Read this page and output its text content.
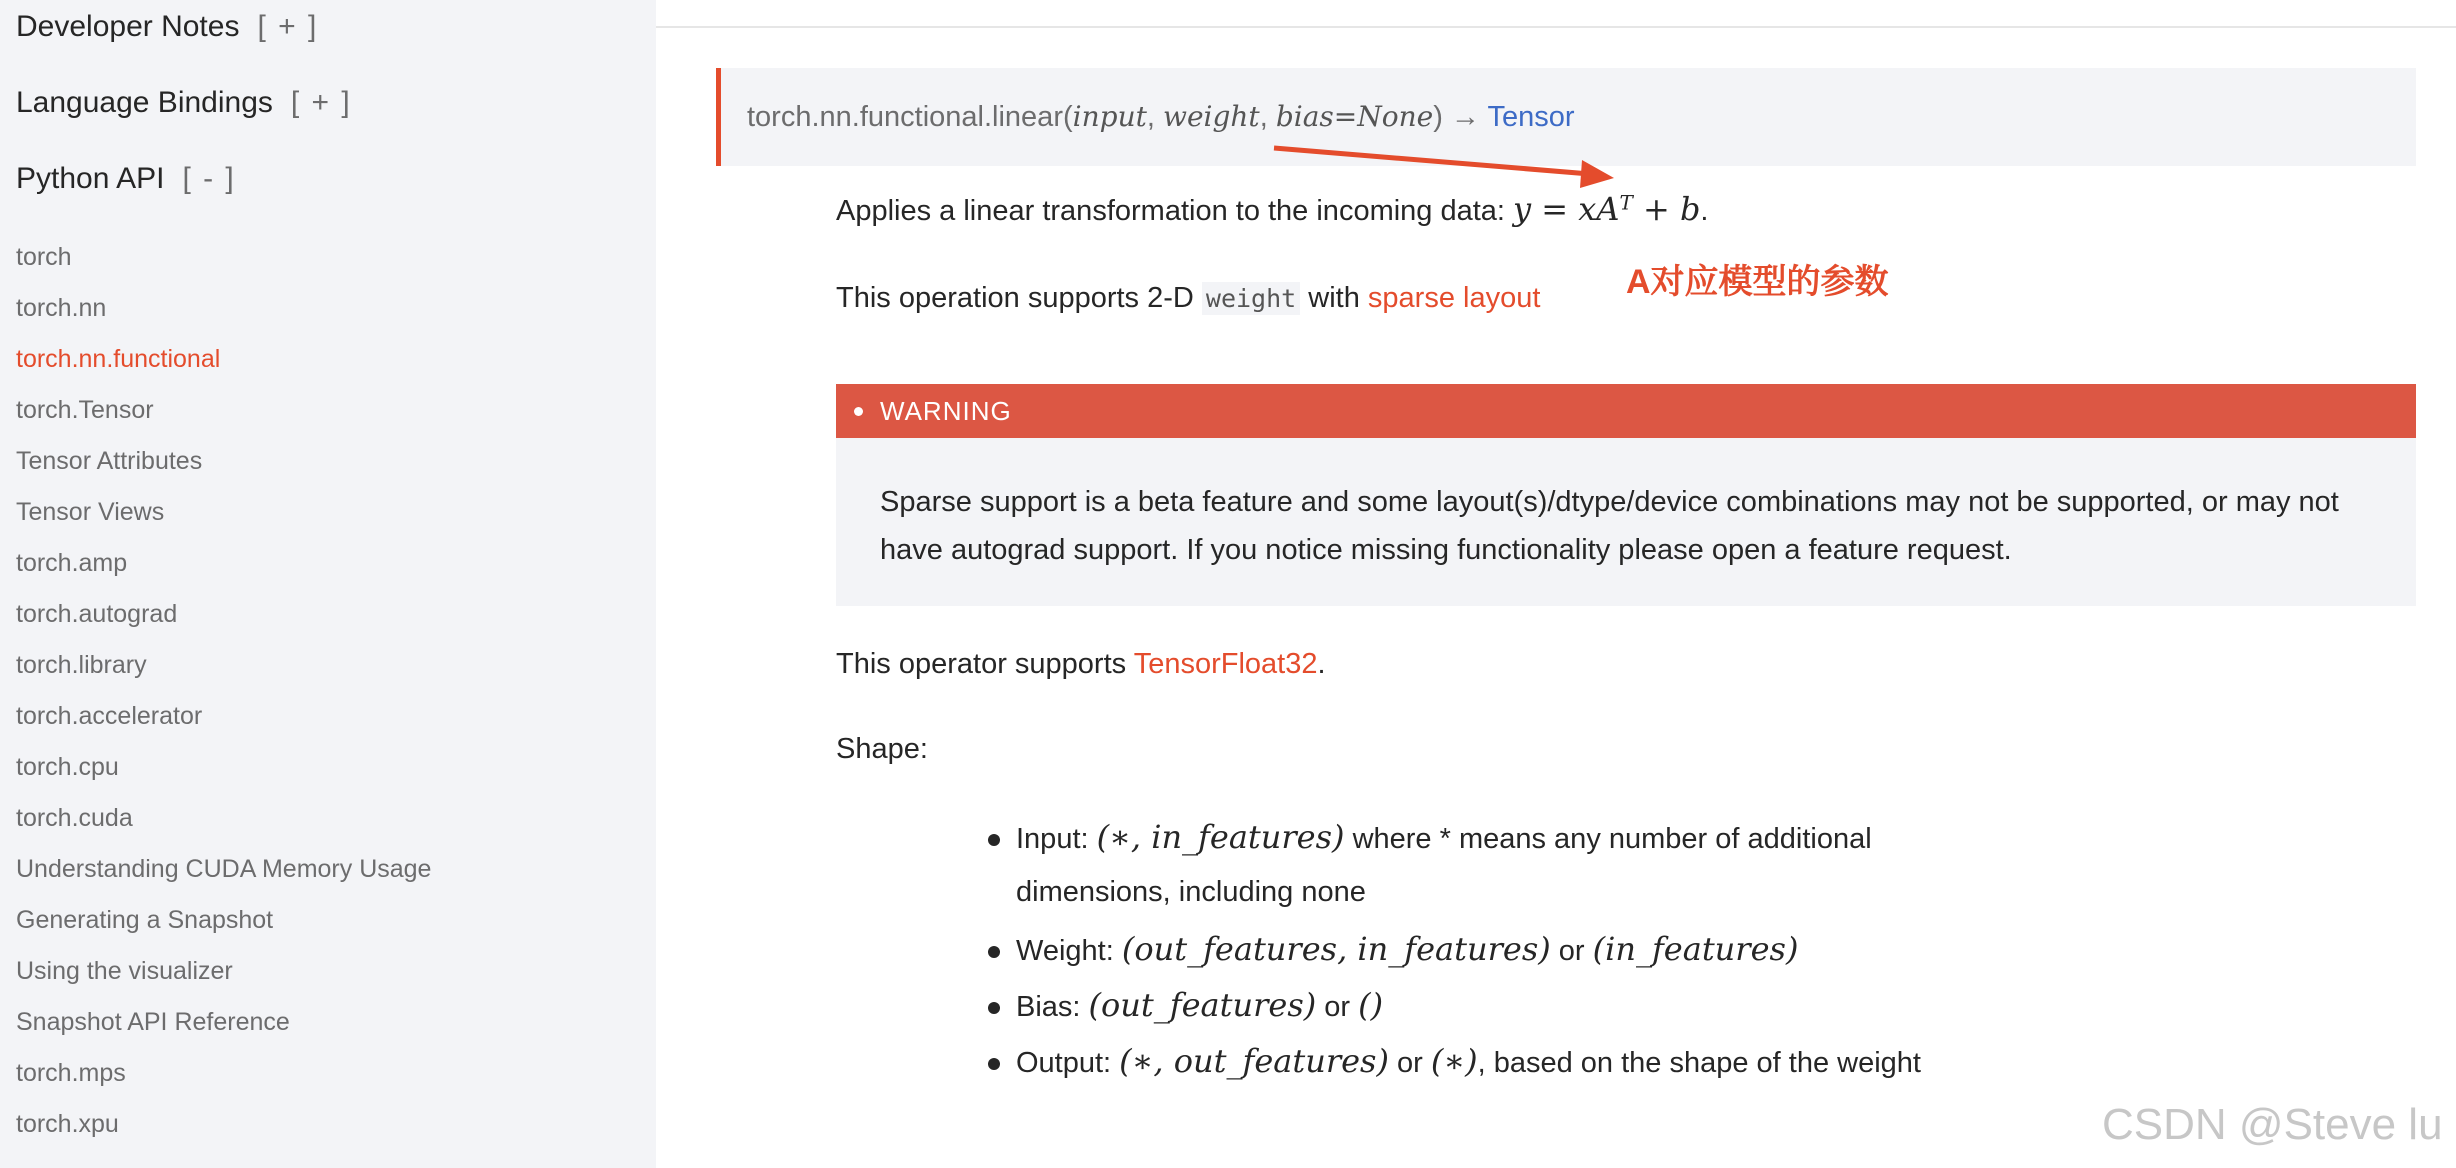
Developer Notes [ + ]
Language Bindings [ + ]
Python API [ - ]
torch
torch.nn
torch.nn.functional
torch.Tensor
Tensor Attributes
Tensor Views
torch.amp
torch.autograd
torch.library
torch.accelerator
torch.cpu
torch.cuda
Understanding CUDA Memory Usage
Generating a Snapshot
Using the visualizer
Snapshot API Reference
torch.mps
torch.xpu
torch.nn.functional.linear(input, weight, bias=None) → Tensor
Applies a linear transformation to the incoming data: $y = xA^T + b$.
This operation supports 2-D weight with sparse layout	A对应模型的参数
WARNING
Sparse support is a beta feature and some layout(s)/dtype/device combinations may not be supported, or may not
have autograd support. If you notice missing functionality please open a feature request.
This operator supports TensorFloat32.
Shape:
Input: (∗, in_features) where * means any number of additional
dimensions, including none
Weight: (out_features, in_features) or (in_features)
Bias: (out_features) or ()
Output: (∗, out_features) or (∗), based on the shape of the weight
CSDN @Steve lu
